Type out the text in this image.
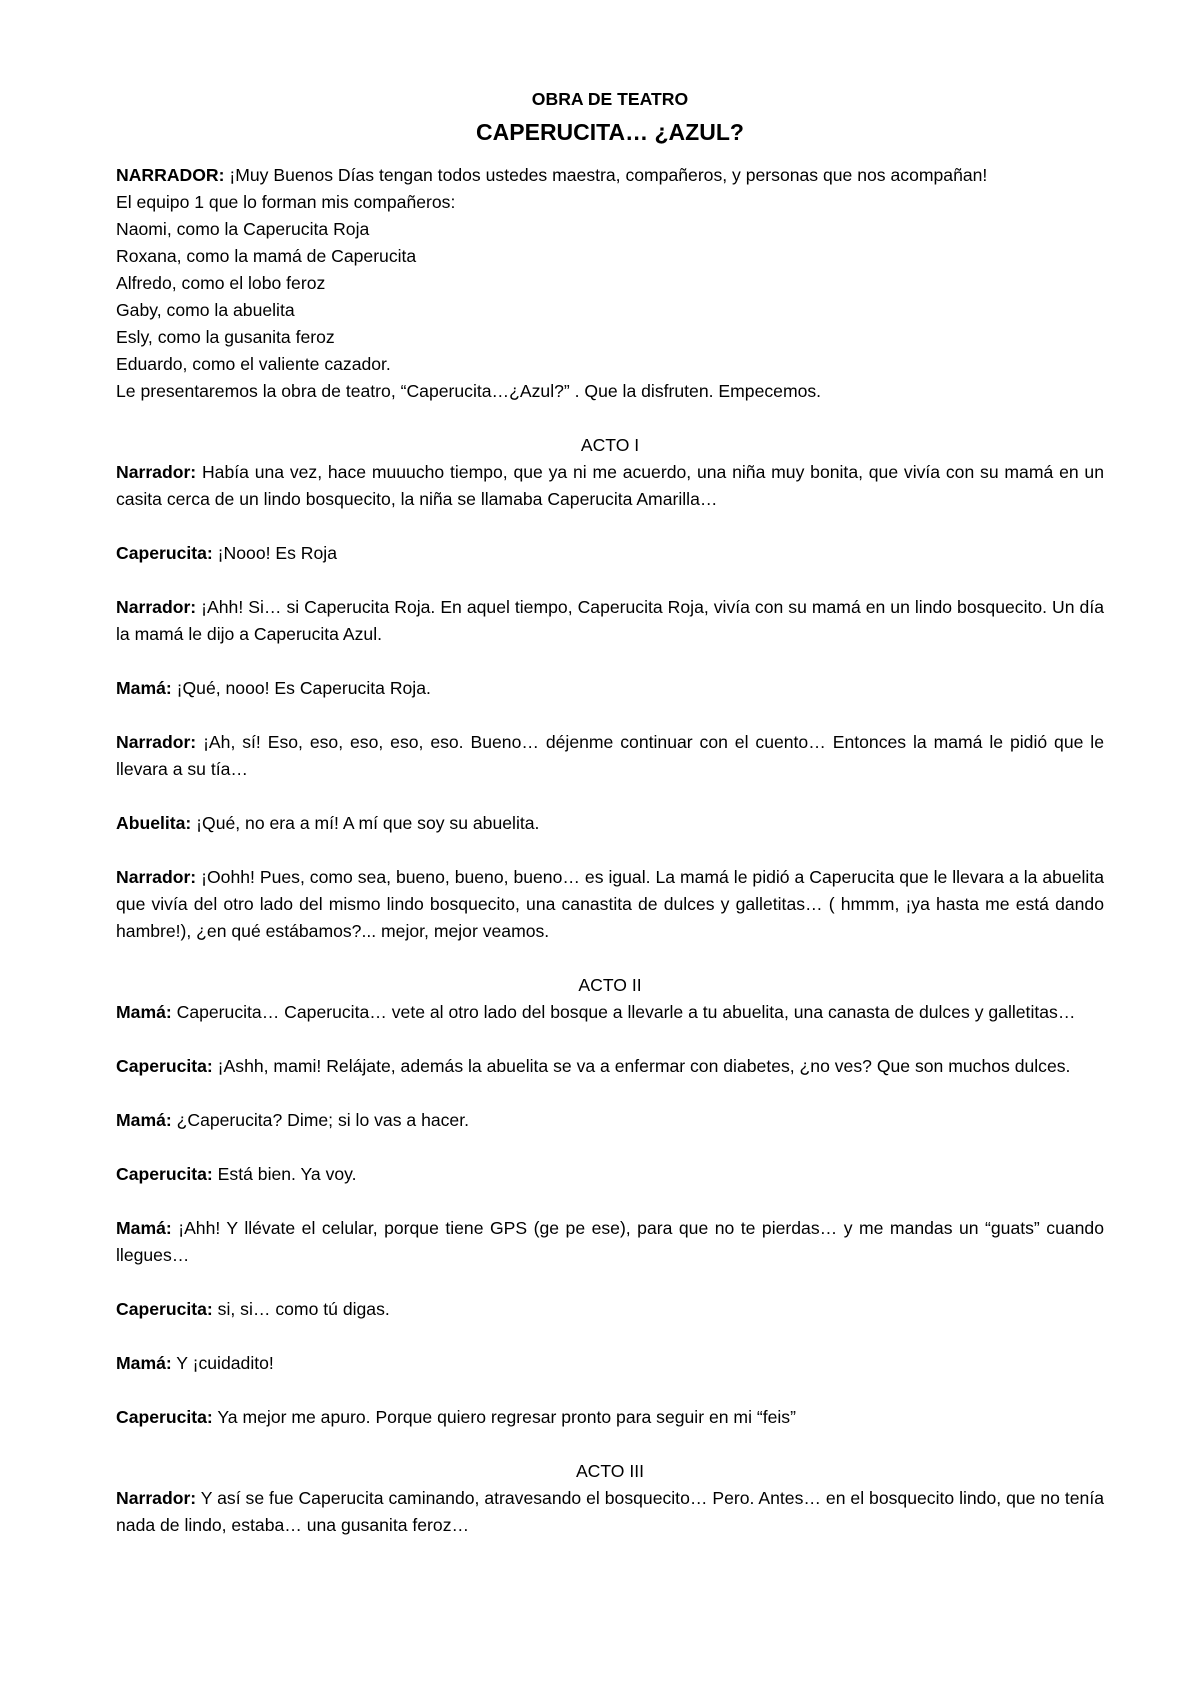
OBRA DE TEATRO
CAPERUCITA… ¿AZUL?

NARRADOR: ¡Muy Buenos Días tengan todos ustedes maestra, compañeros, y personas que nos acompañan!

El equipo 1 que lo forman mis compañeros:

Naomi, como la Caperucita Roja

Roxana, como la mamá de Caperucita

Alfredo, como el lobo feroz

Gaby, como la abuelita

Esly, como la gusanita feroz

Eduardo, como el valiente cazador.

Le presentaremos la obra de teatro, “Caperucita…¿Azul?” . Que la disfruten. Empecemos.

ACTO I

Narrador: Había una vez, hace muuucho tiempo, que ya ni me acuerdo, una niña muy bonita, que vivía con su mamá en un casita cerca de un lindo bosquecito, la niña se llamaba Caperucita Amarilla…

Caperucita: ¡Nooo! Es Roja

Narrador: ¡Ahh! Si… si Caperucita Roja. En aquel tiempo, Caperucita Roja, vivía con su mamá en un lindo bosquecito. Un día la mamá le dijo a Caperucita Azul.

Mamá: ¡Qué, nooo! Es Caperucita Roja.

Narrador: ¡Ah, sí! Eso, eso, eso, eso, eso. Bueno… déjenme continuar con el cuento… Entonces la mamá le pidió que le llevara a su tía…

Abuelita: ¡Qué, no era a mí! A mí que soy su abuelita.

Narrador: ¡Oohh! Pues, como sea, bueno, bueno, bueno… es igual. La mamá le pidió a Caperucita que le llevara a la abuelita que vivía del otro lado del mismo lindo bosquecito, una canastita de dulces y galletitas… ( hmmm, ¡ya hasta me está dando hambre!), ¿en qué estábamos?... mejor, mejor veamos.

ACTO II

Mamá: Caperucita… Caperucita… vete al otro lado del bosque a llevarle a tu abuelita, una canasta de dulces y galletitas…

Caperucita: ¡Ashh, mami! Relájate, además la abuelita se va a enfermar con diabetes, ¿no ves? Que son muchos dulces.

Mamá: ¿Caperucita? Dime; si lo vas a hacer.

Caperucita: Está bien. Ya voy.

Mamá: ¡Ahh! Y llévate el celular, porque tiene GPS (ge pe ese), para que no te pierdas… y me mandas un “guats” cuando llegues…

Caperucita: si, si… como tú digas.

Mamá: Y ¡cuidadito!

Caperucita: Ya mejor me apuro. Porque quiero regresar pronto para seguir en mi “feis”

ACTO III

Narrador: Y así se fue Caperucita caminando, atravesando el bosquecito… Pero. Antes… en el bosquecito lindo, que no tenía nada de lindo, estaba… una gusanita feroz…
